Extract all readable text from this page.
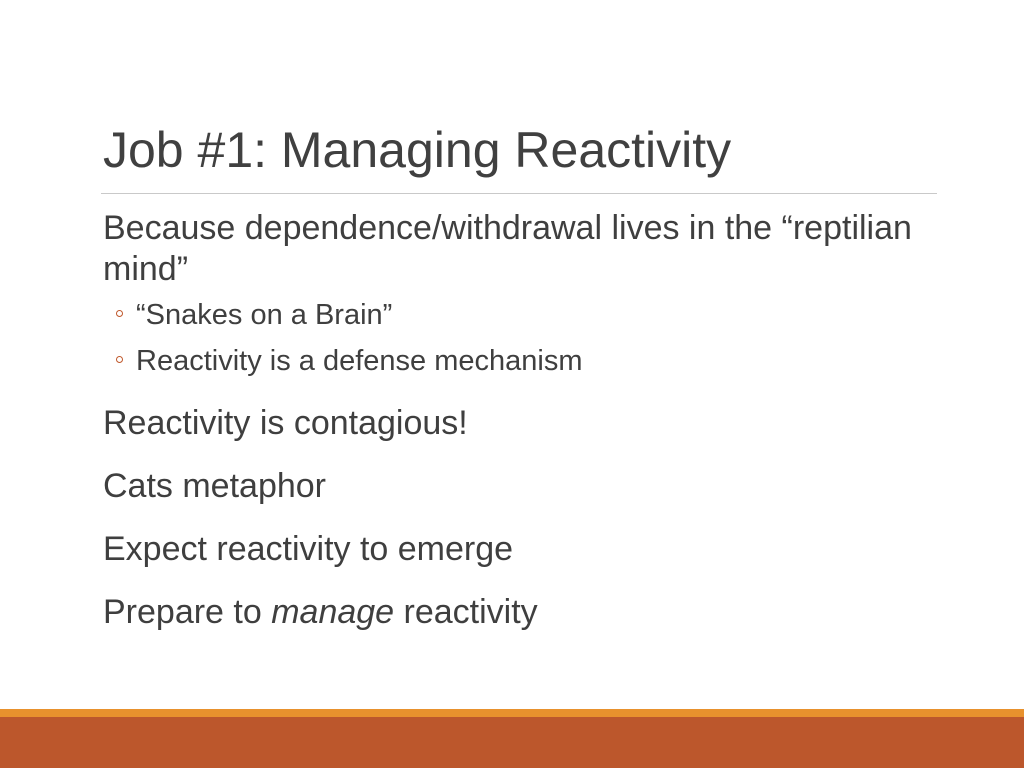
Job #1: Managing Reactivity
Because dependence/withdrawal lives in the “reptilian mind”
“Snakes on a Brain”
Reactivity is a defense mechanism
Reactivity is contagious!
Cats metaphor
Expect reactivity to emerge
Prepare to manage reactivity
